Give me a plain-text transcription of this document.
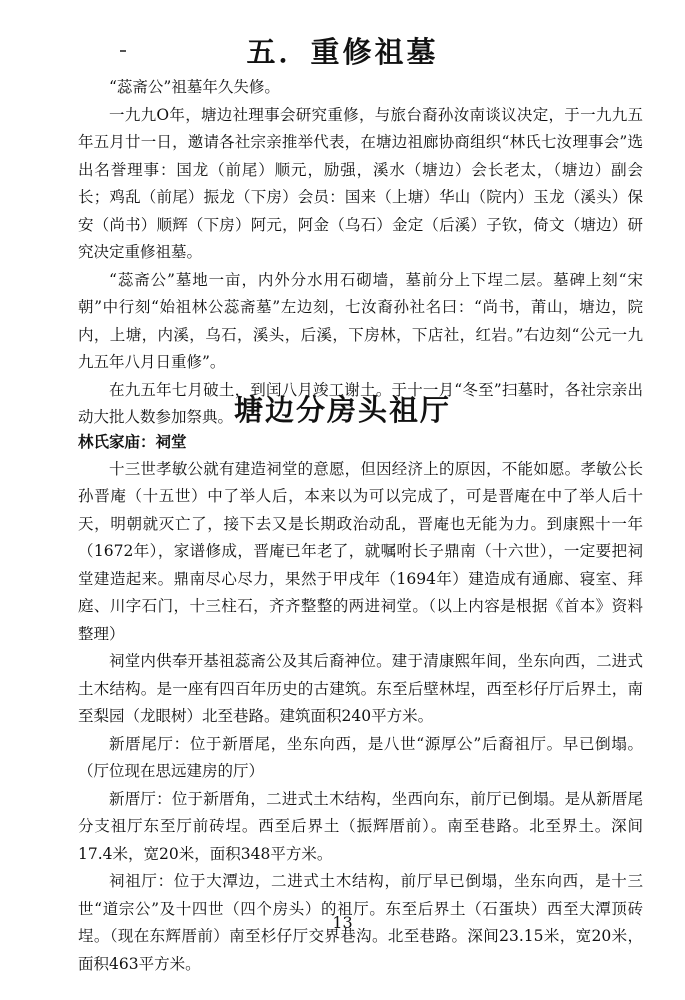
五．重修祖墓

“蕊斋公”祖墓年久失修。

一九九O年，塘边社理事会研究重修，与旅台裔孙汝南谈议决定，于一九九五年五月廿一日，邀请各社宗亲推举代表，在塘边祖廊协商组织“林氏七汝理事会”选出名誉理事：国龙（前尾）顺元，励强，溪水（塘边）会长老太，（塘边）副会长；鸡乱（前尾）振龙（下房）会员：国来（上塘）华山（院内）玉龙（溪头）保安（尚书）顺辉（下房）阿元，阿金（乌石）金定（后溪）子钦，倚文（塘边）研究决定重修祖墓。

“蕊斋公”墓地一亩，内外分水用石砌墙，墓前分上下埕二层。墓碑上刻“宋朝”中行刻“始祖林公蕊斋墓”左边刻，七汝裔孙社名曰：“尚书，莆山，塘边，院内，上塘，内溪，乌石，溪头，后溪，下房林，下店社，红岩。”右边刻“公元一九九五年八月日重修”。

在九五年七月破土，到闰八月竣工谢土。于十一月“冬至”扫墓时，各社宗亲出动大批人数参加祭典。 塘边分房头祖厅

林氏家庙：祠堂

十三世孝敏公就有建造祠堂的意愿，但因经济上的原因，不能如愿。孝敏公长孙晋庵（十五世）中了举人后，本来以为可以完成了，可是晋庵在中了举人后十天，明朝就灭亡了，接下去又是长期政治动乱，晋庵也无能为力。到康熙十一年（1672年），家谱修成，晋庵已年老了，就嘱咐长子鼎南（十六世），一定要把祠堂建造起来。鼎南尽心尽力，果然于甲戌年（1694年）建造成有通廊、寝室、拜庭、川字石门，十三柱石，齐齐整整的两进祠堂。（以上内容是根据《首本》资料整理）

祠堂内供奉开基祖蕊斋公及其后裔神位。建于清康熙年间，坐东向西，二进式土木结构。是一座有四百年历史的古建筑。东至后壁林埕，西至杉仔厅后界土，南至梨园（龙眼树）北至巷路。建筑面积240平方米。

新厝尾厅：位于新厝尾，坐东向西，是八世“源厚公”后裔祖厅。早已倒塌。（厅位现在思远建房的厅）

新厝厅：位于新厝角，二进式土木结构，坐西向东，前厅已倒塌。是从新厝尾分支祖厅东至厅前砖埕。西至后界土（振辉厝前）。南至巷路。北至界土。深间17.4米，宽20米，面积348平方米。

祠祖厅：位于大潭边，二进式土木结构，前厅早已倒塌，坐东向西，是十三世“道宗公”及十四世（四个房头）的祖厅。东至后界土（石蛋块）西至大潭顶砖埕。（现在东辉厝前）南至杉仔厅交界巷沟。北至巷路。深间23.15米，宽20米，面积463平方米。

13
